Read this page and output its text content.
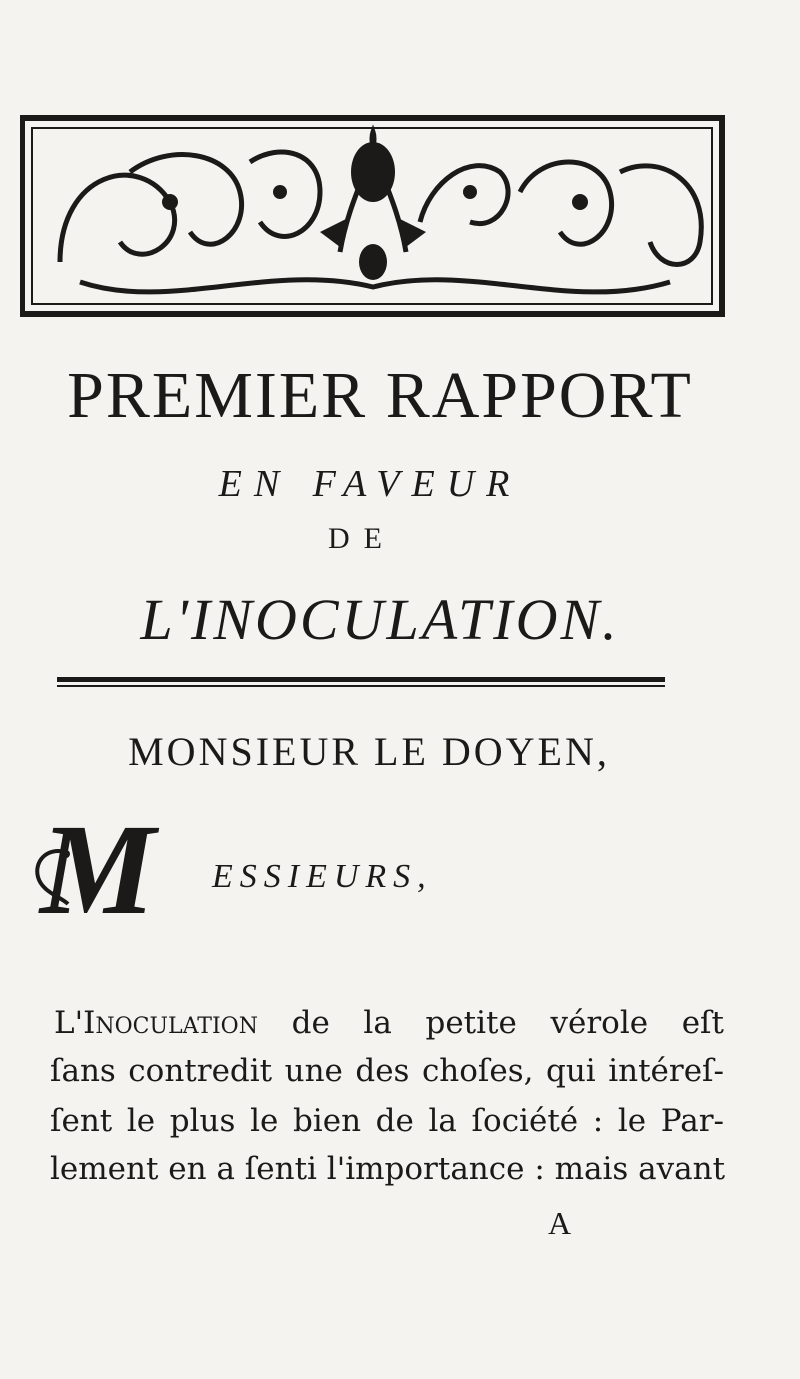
PREMIER RAPPORT
EN FAVEUR
DE
L'INOCULATION.
MONSIEUR LE DOYEN,
M ESSIEURS,
L'Inoculation de la petite vérole eſt
ſans contredit une des choſes, qui intéreſ-
ſent le plus le bien de la ſociété : le Par-
lement en a ſenti l'importance : mais avant
A
